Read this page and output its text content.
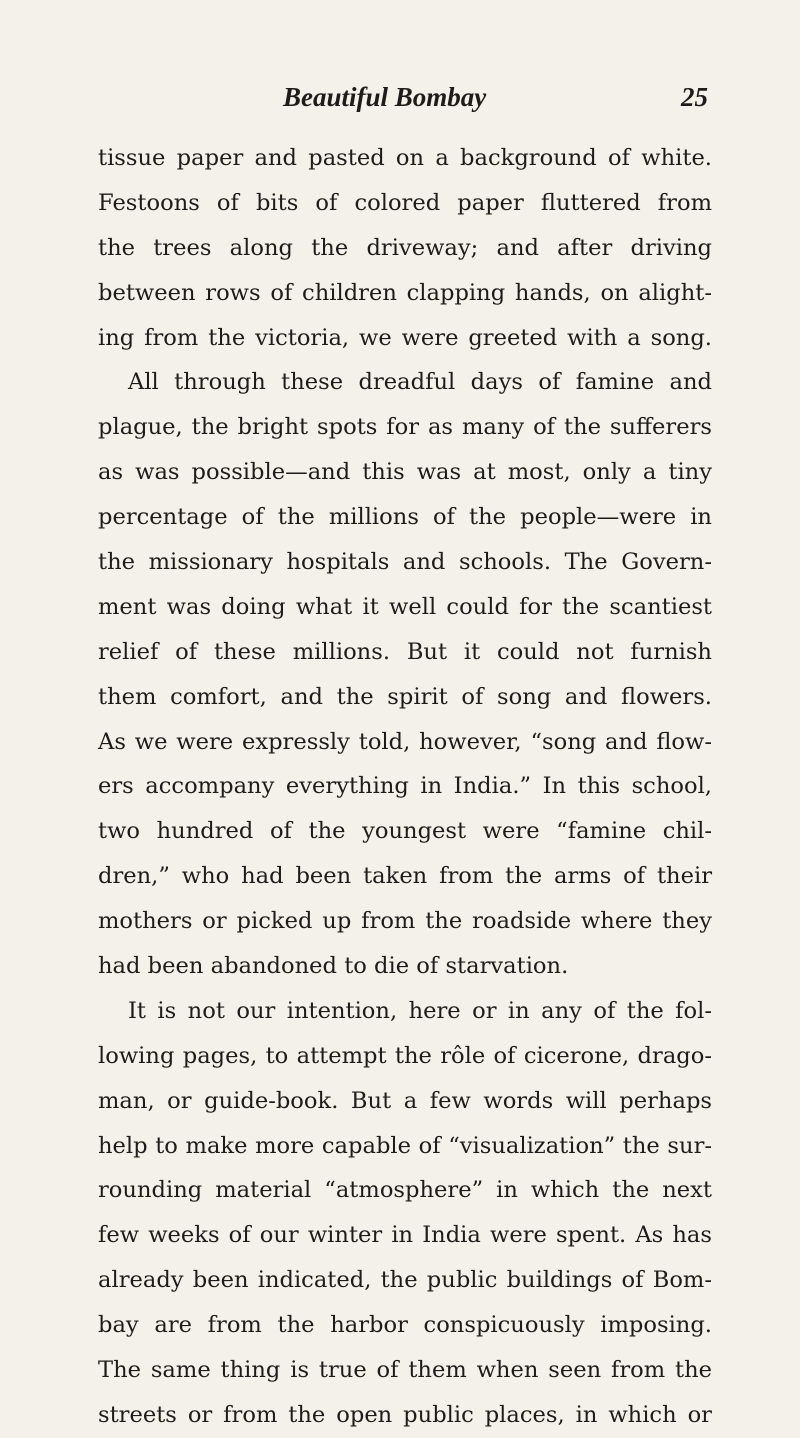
Beautiful Bombay	25
tissue paper and pasted on a background of white.
Festoons of bits of colored paper fluttered from
the trees along the driveway; and after driving
between rows of children clapping hands, on alight-
ing from the victoria, we were greeted with a song.
All through these dreadful days of famine and
plague, the bright spots for as many of the sufferers
as was possible—and this was at most, only a tiny
percentage of the millions of the people—were in
the missionary hospitals and schools. The Govern-
ment was doing what it well could for the scantiest
relief of these millions. But it could not furnish
them comfort, and the spirit of song and flowers.
As we were expressly told, however, “song and flow-
ers accompany everything in India.” In this school,
two hundred of the youngest were “famine chil-
dren,” who had been taken from the arms of their
mothers or picked up from the roadside where they
had been abandoned to die of starvation.
It is not our intention, here or in any of the fol-
lowing pages, to attempt the rôle of cicerone, drago-
man, or guide-book. But a few words will perhaps
help to make more capable of “visualization” the sur-
rounding material “atmosphere” in which the next
few weeks of our winter in India were spent. As has
already been indicated, the public buildings of Bom-
bay are from the harbor conspicuously imposing.
The same thing is true of them when seen from the
streets or from the open public places, in which or
